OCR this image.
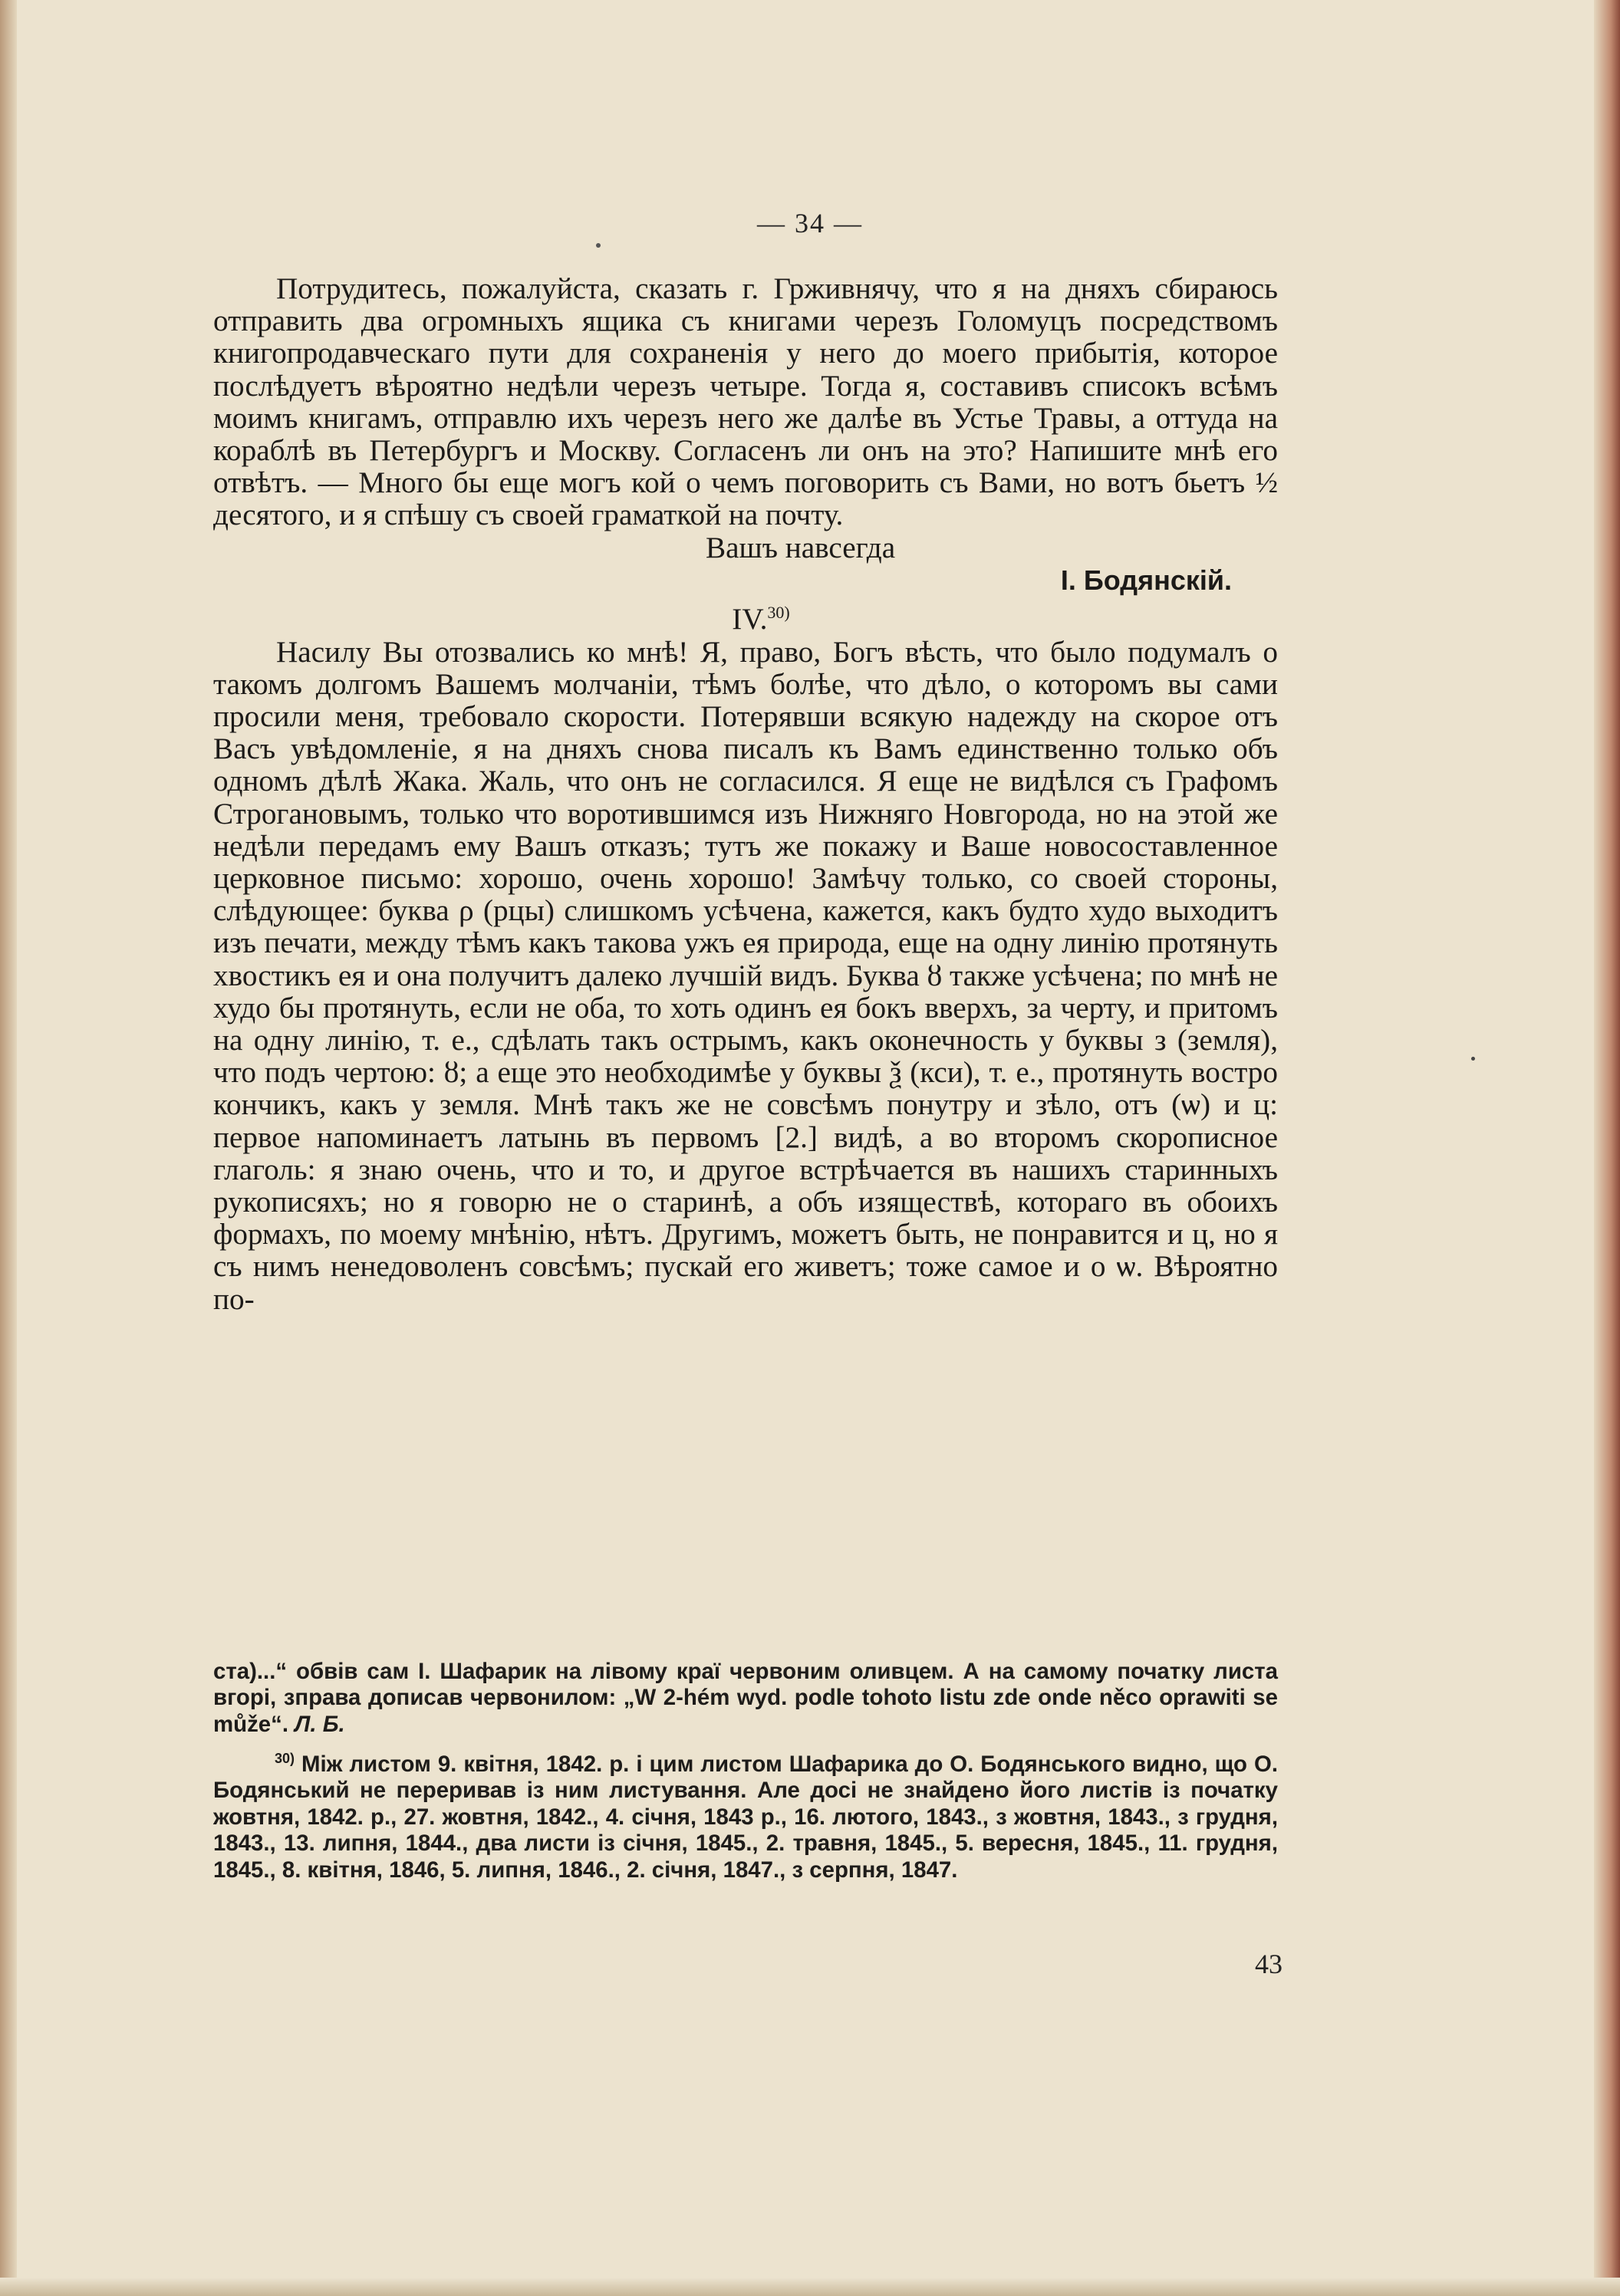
— 34 —

Потрудитесь, пожалуйста, сказать г. Грживнячу, что я на дняхъ сбираюсь отправить два огромныхъ ящика съ книгами черезъ Голомуцъ посредствомъ книгопродавческаго пути для сохраненія у него до моего прибытія, которое послѣдуетъ вѣроятно недѣли черезъ четыре. Тогда я, составивъ списокъ всѣмъ моимъ книгамъ, отправлю ихъ черезъ него же далѣе въ Устье Травы, а оттуда на кораблѣ въ Петербургъ и Москву. Согласенъ ли онъ на это? Напишите мнѣ его отвѣтъ. — Много бы еще могъ кой о чемъ поговорить съ Вами, но вотъ бьетъ ½ десятого, и я спѣшу съ своей граматкой на почту.

Вашъ навсегда

І. Бодянскій.

IV.$^{30)}$

Насилу Вы отозвались ко мнѣ! Я, право, Богъ вѣсть, что было подумалъ о такомъ долгомъ Вашемъ молчаніи, тѣмъ болѣе, что дѣло, о которомъ вы сами просили меня, требовало скорости. Потерявши всякую надежду на скорое отъ Васъ увѣдомленіе, я на дняхъ снова писалъ къ Вамъ единственно только объ одномъ дѣлѣ Жака. Жаль, что онъ не согласился. Я еще не видѣлся съ Графомъ Строгановымъ, только что воротившимся изъ Нижняго Новгорода, но на этой же недѣли передамъ ему Вашъ отказъ; тутъ же покажу и Ваше новосоставленное церковное письмо: хорошо, очень хорошо! Замѣчу только, со своей стороны, слѣдующее: буква ρ (рцы) слишкомъ усѣчена, кажется, какъ будто худо выходитъ изъ печати, между тѣмъ какъ такова ужъ ея природа, еще на одну линію протянуть хвостикъ ея и она получитъ далеко лучшій видъ. Буква ȣ также усѣчена; по мнѣ не худо бы протянуть, если не оба, то хоть одинъ ея бокъ вверхъ, за черту, и притомъ на одну линію, т. е., сдѣлать такъ острымъ, какъ оконечность у буквы з (земля), что подъ чертою: ȣ; а еще это необходимѣе у буквы ѯ (кси), т. е., протянуть востро кончикъ, какъ у земля. Мнѣ такъ же не совсѣмъ понутру и зѣло, отъ (ѡ) и ц: первое напоминаетъ латынь въ первомъ [2.] видѣ, а во второмъ скорописное глаголь: я знаю очень, что и то, и другое встрѣчается въ нашихъ старинныхъ рукописяхъ; но я говорю не о старинѣ, а объ изяществѣ, котораго въ обоихъ формахъ, по моему мнѣнію, нѣтъ. Другимъ, можетъ быть, не понравится и ц, но я съ нимъ ненедоволенъ совсѣмъ; пускай его живетъ; тоже самое и о ѡ. Вѣроятно по-

ста)...“ обвів сам І. Шафарик на лівому краї червоним оливцем. А на самому початку листа вгорі, зправа дописав червонилом: „W 2-hém wyd. podle tohoto listu zde onde něco oprawiti se může“. Л. Б.

$^{30)}$ Між листом 9. квітня, 1842. р. і цим листом Шафарика до О. Бодянського видно, що О. Бодянський не переривав із ним листування. Але досі не знайдено його листів із початку жовтня, 1842. р., 27. жовтня, 1842., 4. січня, 1843 р., 16. лютого, 1843., з жовтня, 1843., з грудня, 1843., 13. липня, 1844., два листи із січня, 1845., 2. травня, 1845., 5. вересня, 1845., 11. грудня, 1845., 8. квітня, 1846, 5. липня, 1846., 2. січня, 1847., з серпня, 1847.

43
